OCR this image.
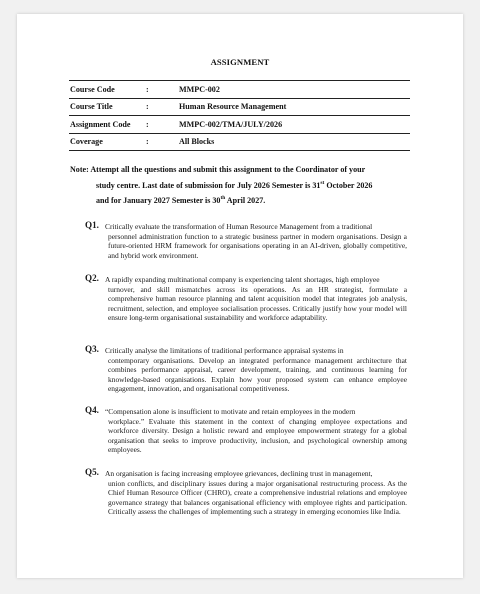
ASSIGNMENT
Course Code	:	MMPC-002
Course Title	:	Human Resource Management
Assignment Code	:	MMPC-002/TMA/JULY/2026
Coverage	:	All Blocks
Note: Attempt all the questions and submit this assignment to the Coordinator of your
study centre. Last date of submission for July 2026 Semester is 31st October 2026
and for January 2027 Semester is 30th April 2027.
Q1. Critically evaluate the transformation of Human Resource Management from a traditional
personnel administration function to a strategic business partner in modern organisations. Design a future-oriented HRM framework for organisations operating in an AI-driven, globally competitive, and hybrid work environment.
Q2. A rapidly expanding multinational company is experiencing talent shortages, high employee
turnover, and skill mismatches across its operations. As an HR strategist, formulate a comprehensive human resource planning and talent acquisition model that integrates job analysis, recruitment, selection, and employee socialisation processes. Critically justify how your model will ensure long-term organisational sustainability and workforce adaptability.
Q3. Critically analyse the limitations of traditional performance appraisal systems in
contemporary organisations. Develop an integrated performance management architecture that combines performance appraisal, career development, training, and continuous learning for knowledge-based organisations. Explain how your proposed system can enhance employee engagement, innovation, and organisational competitiveness.
Q4. “Compensation alone is insufficient to motivate and retain employees in the modern
workplace.” Evaluate this statement in the context of changing employee expectations and workforce diversity. Design a holistic reward and employee empowerment strategy for a global organisation that seeks to improve productivity, inclusion, and psychological ownership among employees.
Q5. An organisation is facing increasing employee grievances, declining trust in management,
union conflicts, and disciplinary issues during a major organisational restructuring process. As the Chief Human Resource Officer (CHRO), create a comprehensive industrial relations and employee governance strategy that balances organisational efficiency with employee rights and participation. Critically assess the challenges of implementing such a strategy in emerging economies like India.
